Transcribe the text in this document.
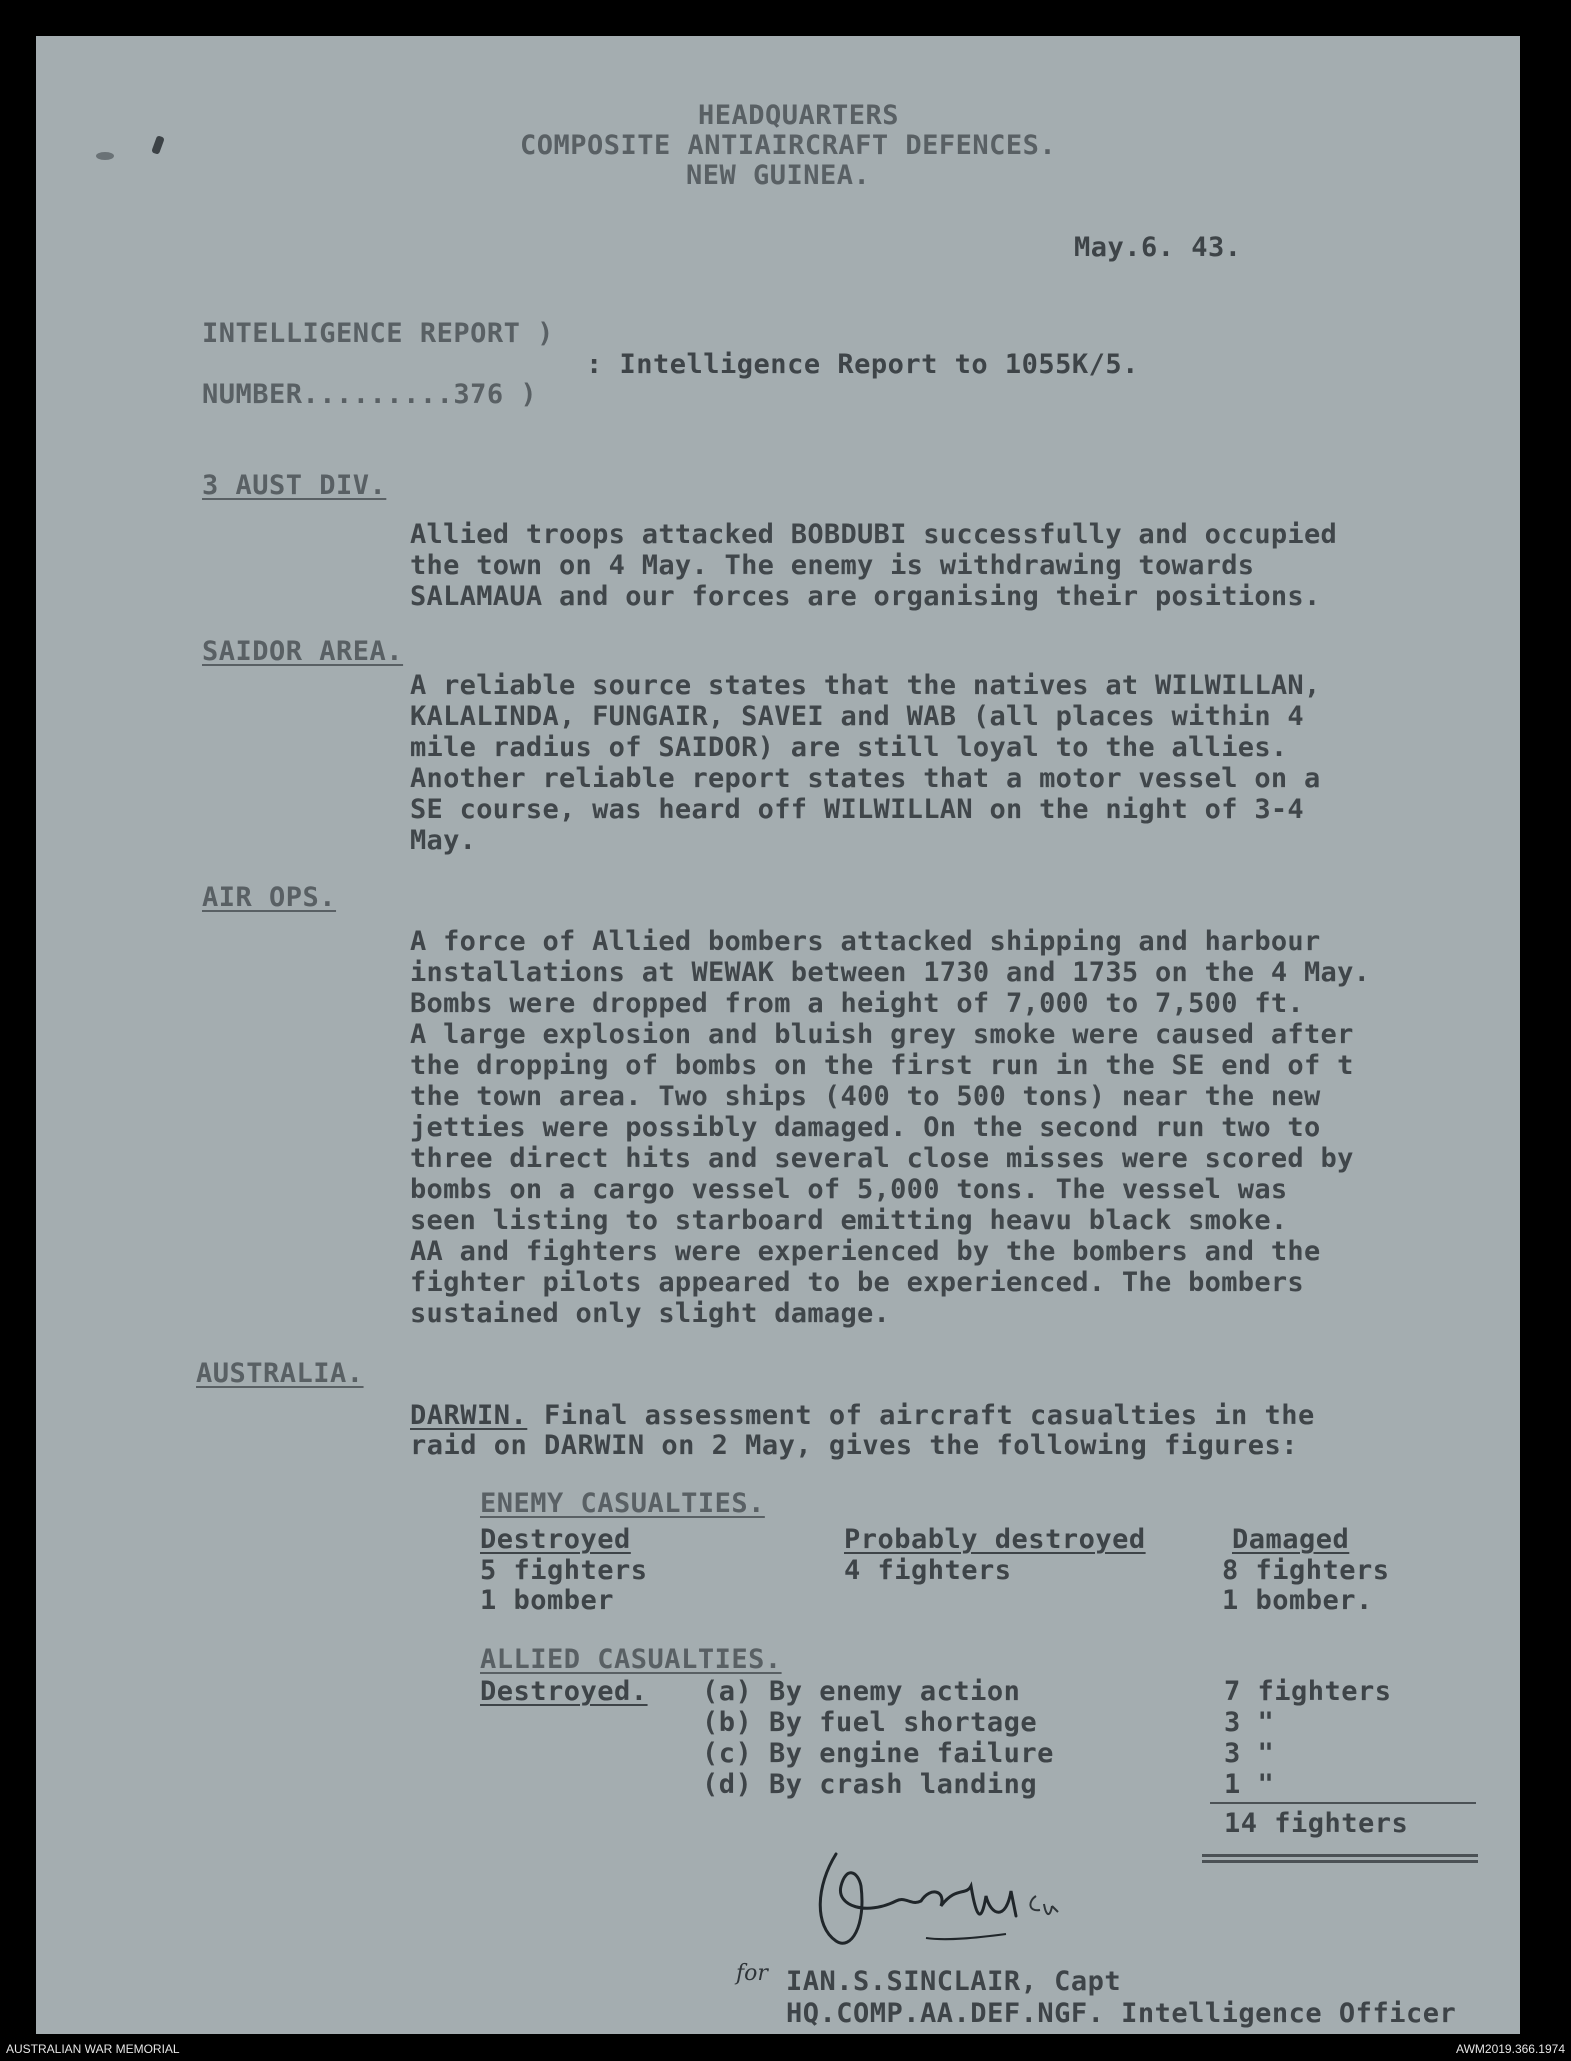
HEADQUARTERS
COMPOSITE ANTIAIRCRAFT DEFENCES.
NEW GUINEA.
May.6. 43.
INTELLIGENCE REPORT )
NUMBER.........376 )
: Intelligence Report to 1055K/5.
3 AUST DIV.
Allied troops attacked BOBDUBI successfully and occupied
the town on 4 May. The enemy is withdrawing towards
SALAMAUA and our forces are organising their positions.
SAIDOR AREA.
A reliable source states that the natives at WILWILLAN,
KALALINDA, FUNGAIR, SAVEI and WAB (all places within 4
mile radius of SAIDOR) are still loyal to the allies.
Another reliable report states that a motor vessel on a
SE course, was heard off WILWILLAN on the night of 3-4
May.
AIR OPS.
A force of Allied bombers attacked shipping and harbour
installations at WEWAK between 1730 and 1735 on the 4 May.
Bombs were dropped from a height of 7,000 to 7,500 ft.
A large explosion and bluish grey smoke were caused after
the dropping of bombs on the first run in the SE end of t
the town area. Two ships (400 to 500 tons) near the new
jetties were possibly damaged. On the second run two to
three direct hits and several close misses were scored by
bombs on a cargo vessel of 5,000 tons. The vessel was
seen listing to starboard emitting heavu black smoke.
AA and fighters were experienced by the bombers and the
fighter pilots appeared to be experienced. The bombers
sustained only slight damage.
AUSTRALIA.
DARWIN. Final assessment of aircraft casualties in the
raid on DARWIN on 2 May, gives the following figures:
ENEMY CASUALTIES.
Destroyed
5 fighters
1 bomber
Probably destroyed
4 fighters
Damaged
8 fighters
1 bomber.
ALLIED CASUALTIES.
Destroyed. (a) By enemy action
(b) By fuel shortage
(c) By engine failure
(d) By crash landing
7 fighters
3 "
3 "
1 "
14 fighters
for IAN.S.SINCLAIR, Capt
HQ.COMP.AA.DEF.NGF. Intelligence Officer
AUSTRALIAN WAR MEMORIAL	AWM2019.366.1974
